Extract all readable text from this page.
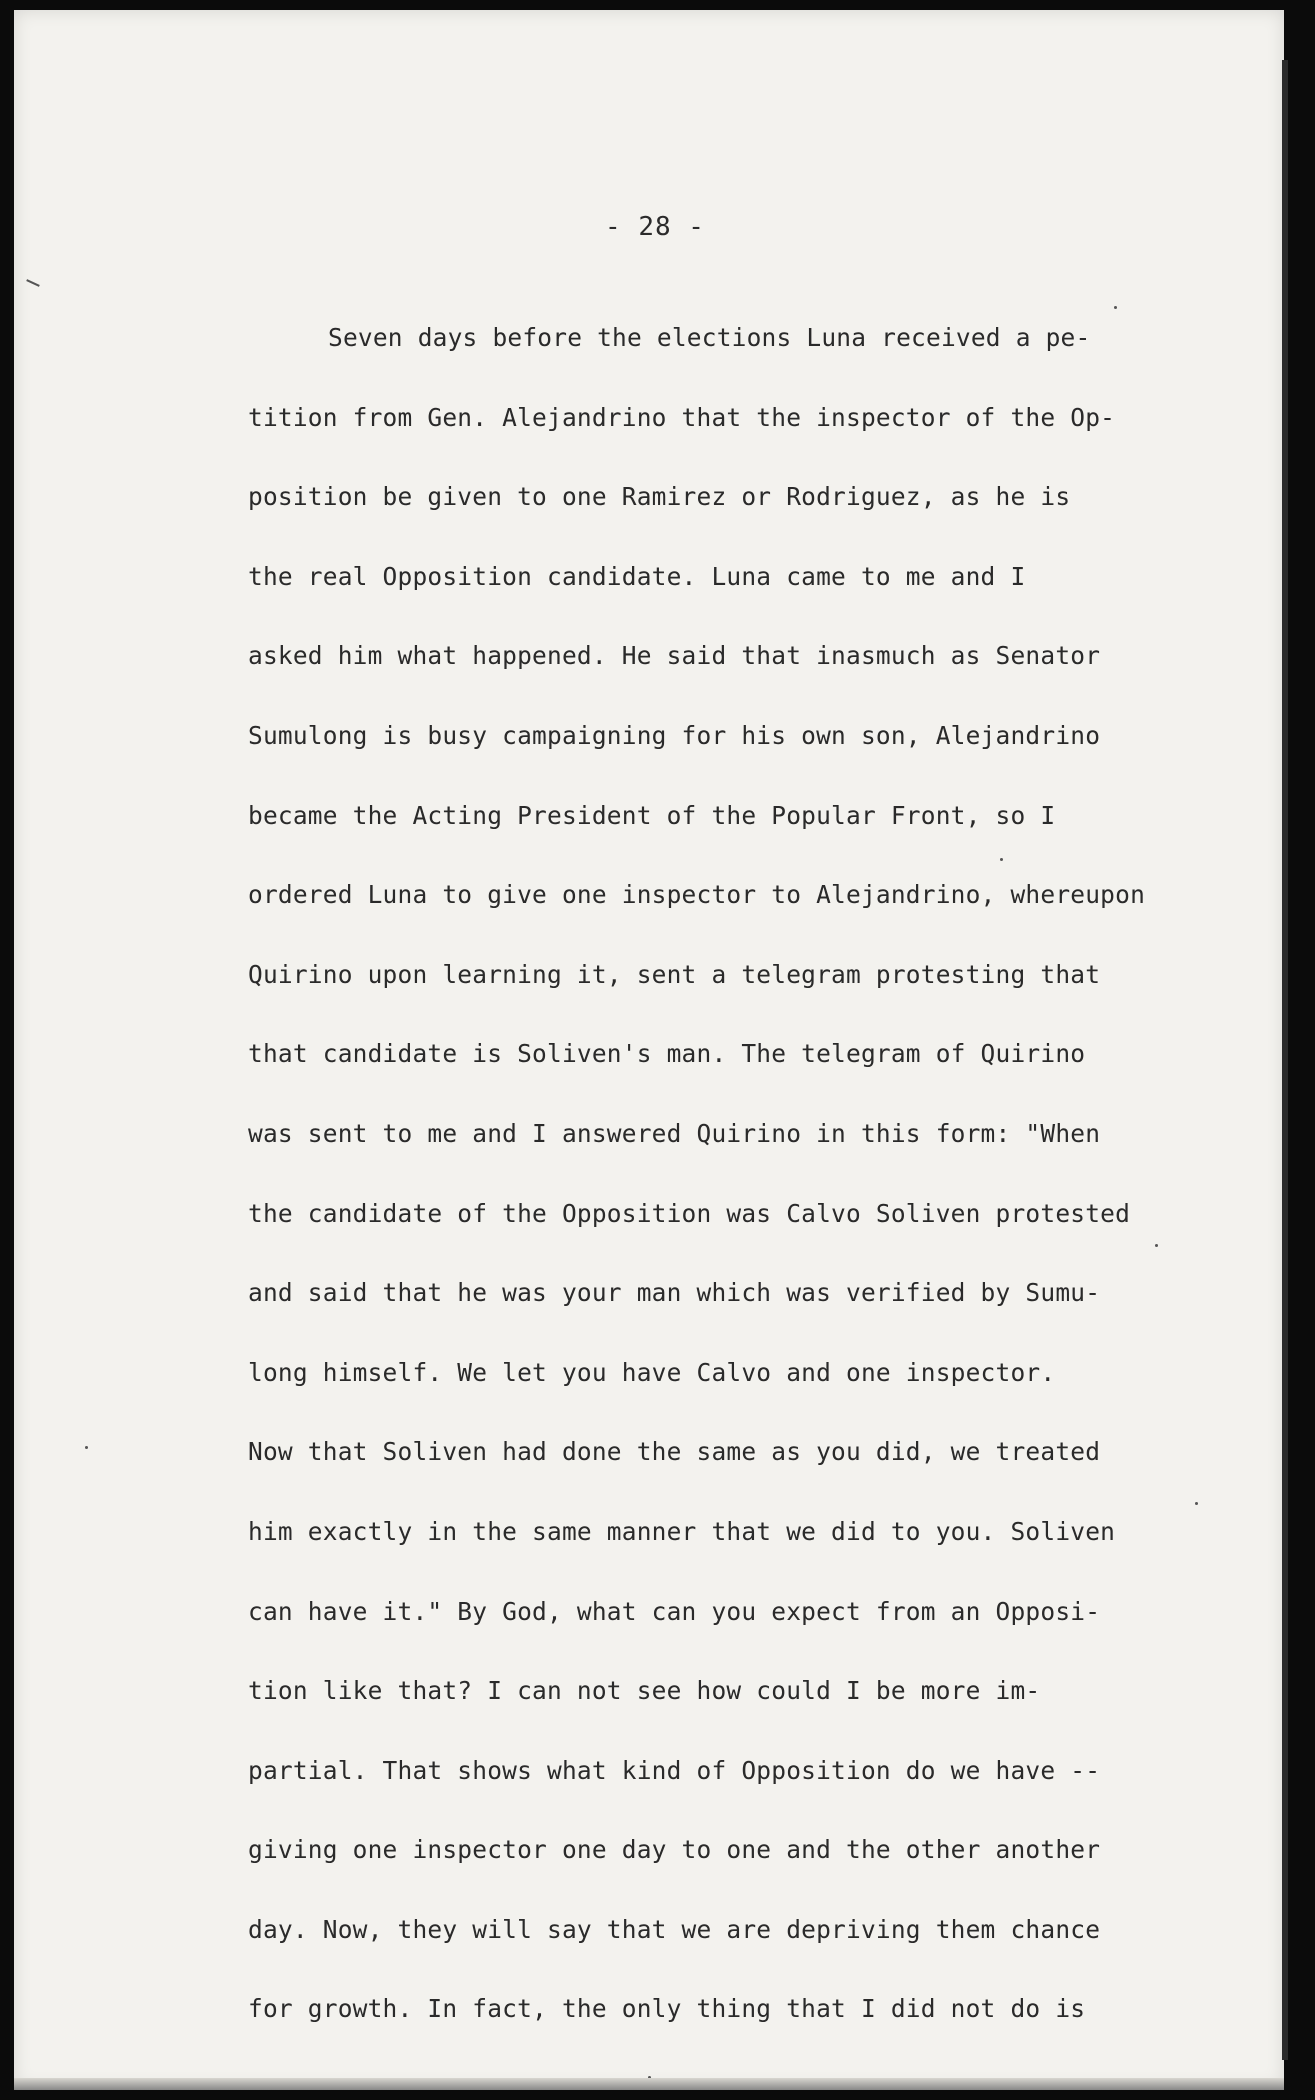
- 28 -
Seven days before the elections Luna received a pe-
tition from Gen. Alejandrino that the inspector of the Op-
position be given to one Ramirez or Rodriguez, as he is
the real Opposition candidate. Luna came to me and I
asked him what happened. He said that inasmuch as Senator
Sumulong is busy campaigning for his own son, Alejandrino
became the Acting President of the Popular Front, so I
ordered Luna to give one inspector to Alejandrino, whereupon
Quirino upon learning it, sent a telegram protesting that
that candidate is Soliven's man. The telegram of Quirino
was sent to me and I answered Quirino in this form: "When
the candidate of the Opposition was Calvo Soliven protested
and said that he was your man which was verified by Sumu-
long himself. We let you have Calvo and one inspector.
Now that Soliven had done the same as you did, we treated
him exactly in the same manner that we did to you. Soliven
can have it." By God, what can you expect from an Opposi-
tion like that? I can not see how could I be more im-
partial. That shows what kind of Opposition do we have --
giving one inspector one day to one and the other another
day. Now, they will say that we are depriving them chance
for growth. In fact, the only thing that I did not do is
